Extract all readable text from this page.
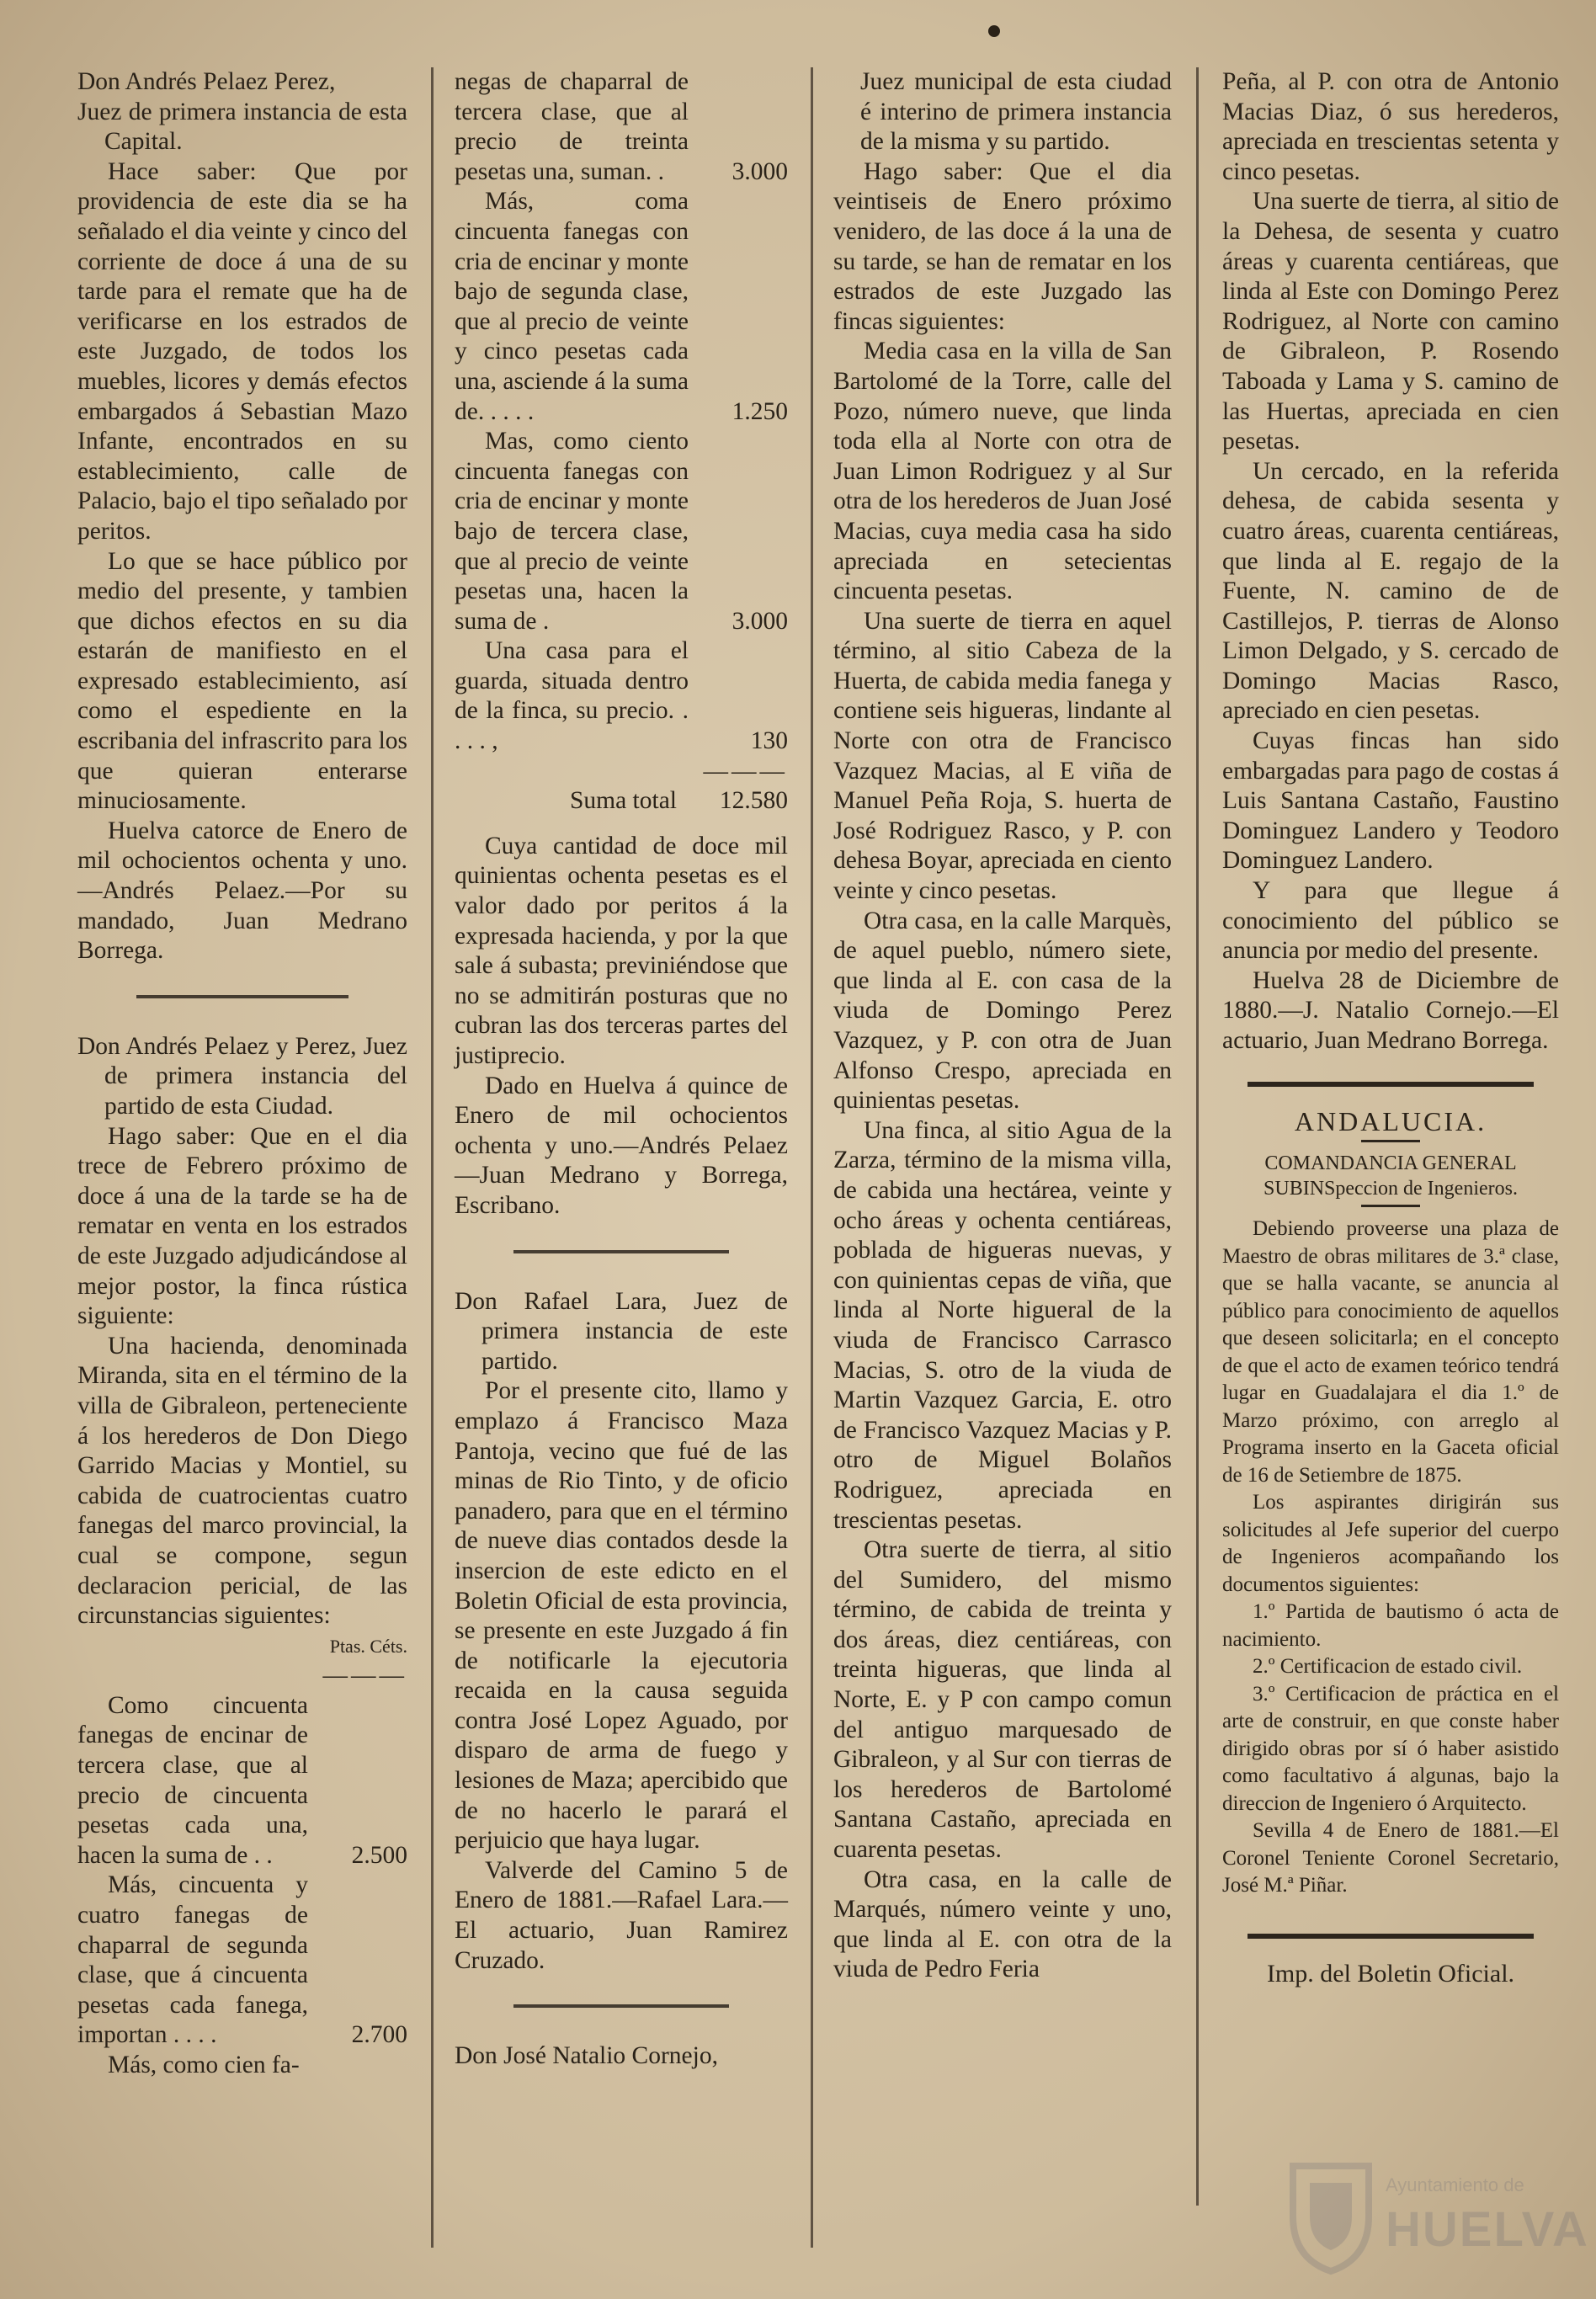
Don Andrés Pelaez Perez,

Juez de primera instancia de esta Capital.

Hace saber: Que por providencia de este dia se ha señalado el dia veinte y cinco del corriente de doce á una de su tarde para el remate que ha de verificarse en los estrados de este Juzgado, de todos los muebles, licores y demás efectos embargados á Sebastian Mazo Infante, encontrados en su establecimiento, calle de Palacio, bajo el tipo señalado por peritos.

Lo que se hace público por medio del presente, y tambien que dichos efectos en su dia estarán de manifiesto en el expresado establecimiento, así como el espediente en la escribania del infrascrito para los que quieran enterarse minuciosamente.

Huelva catorce de Enero de mil ochocientos ochenta y uno.—Andrés Pelaez.—Por su mandado, Juan Medrano Borrega.

Don Andrés Pelaez y Perez, Juez de primera instancia del partido de esta Ciudad.

Hago saber: Que en el dia trece de Febrero próximo de doce á una de la tarde se ha de rematar en venta en los estrados de este Juzgado adjudicándose al mejor postor, la finca rústica siguiente:

Una hacienda, denominada Miranda, sita en el término de la villa de Gibraleon, perteneciente á los herederos de Don Diego Garrido Macias y Montiel, su cabida de cuatrocientas cuatro fanegas del marco provincial, la cual se compone, segun declaracion pericial, de las circunstancias siguientes:

Ptas. Céts.

———

Como cincuenta fanegas de encinar de tercera clase, que al precio de cincuenta pesetas cada una, hacen la suma de . .	2.500

Más, cincuenta y cuatro fanegas de chaparral de segunda clase, que á cincuenta pesetas cada fanega, importan . . . .	2.700

Más, como cien fa-

negas de chaparral de tercera clase, que al precio de treinta pesetas una, suman. .	3.000

Más, coma cincuenta fanegas con cria de encinar y monte bajo de segunda clase, que al precio de veinte y cinco pesetas cada una, asciende á la suma de. . . . .	1.250

Mas, como ciento cincuenta fanegas con cria de encinar y monte bajo de tercera clase, que al precio de veinte pesetas una, hacen la suma de .	3.000

Una casa para el guarda, situada dentro de la finca, su precio. . . . . ,	130

———

Suma total	12.580

Cuya cantidad de doce mil quinientas ochenta pesetas es el valor dado por peritos á la expresada hacienda, y por la que sale á subasta; previniéndose que no se admitirán posturas que no cubran las dos terceras partes del justiprecio.

Dado en Huelva á quince de Enero de mil ochocientos ochenta y uno.—Andrés Pelaez —Juan Medrano y Borrega, Escribano.

Don Rafael Lara, Juez de primera instancia de este partido.

Por el presente cito, llamo y emplazo á Francisco Maza Pantoja, vecino que fué de las minas de Rio Tinto, y de oficio panadero, para que en el término de nueve dias contados desde la insercion de este edicto en el Boletin Oficial de esta provincia, se presente en este Juzgado á fin de notificarle la ejecutoria recaida en la causa seguida contra José Lopez Aguado, por disparo de arma de fuego y lesiones de Maza; apercibido que de no hacerlo le parará el perjuicio que haya lugar.

Valverde del Camino 5 de Enero de 1881.—Rafael Lara.—El actuario, Juan Ramirez Cruzado.

Don José Natalio Cornejo,

Juez municipal de esta ciudad é interino de primera instancia de la misma y su partido.

Hago saber: Que el dia veintiseis de Enero próximo venidero, de las doce á la una de su tarde, se han de rematar en los estrados de este Juzgado las fincas siguientes:

Media casa en la villa de San Bartolomé de la Torre, calle del Pozo, número nueve, que linda toda ella al Norte con otra de Juan Limon Rodriguez y al Sur otra de los herederos de Juan José Macias, cuya media casa ha sido apreciada en setecientas cincuenta pesetas.

Una suerte de tierra en aquel término, al sitio Cabeza de la Huerta, de cabida media fanega y contiene seis higueras, lindante al Norte con otra de Francisco Vazquez Macias, al E viña de Manuel Peña Roja, S. huerta de José Rodriguez Rasco, y P. con dehesa Boyar, apreciada en ciento veinte y cinco pesetas.

Otra casa, en la calle Marquès, de aquel pueblo, número siete, que linda al E. con casa de la viuda de Domingo Perez Vazquez, y P. con otra de Juan Alfonso Crespo, apreciada en quinientas pesetas.

Una finca, al sitio Agua de la Zarza, término de la misma villa, de cabida una hectárea, veinte y ocho áreas y ochenta centiáreas, poblada de higueras nuevas, y con quinientas cepas de viña, que linda al Norte higueral de la viuda de Francisco Carrasco Macias, S. otro de la viuda de Martin Vazquez Garcia, E. otro de Francisco Vazquez Macias y P. otro de Miguel Bolaños Rodriguez, apreciada en trescientas pesetas.

Otra suerte de tierra, al sitio del Sumidero, del mismo término, de cabida de treinta y dos áreas, diez centiáreas, con treinta higueras, que linda al Norte, E. y P con campo comun del antiguo marquesado de Gibraleon, y al Sur con tierras de los herederos de Bartolomé Santana Castaño, apreciada en cuarenta pesetas.

Otra casa, en la calle de Marqués, número veinte y uno, que linda al E. con otra de la viuda de Pedro Feria

Peña, al P. con otra de Antonio Macias Diaz, ó sus herederos, apreciada en trescientas setenta y cinco pesetas.

Una suerte de tierra, al sitio de la Dehesa, de sesenta y cuatro áreas y cuarenta centiáreas, que linda al Este con Domingo Perez Rodriguez, al Norte con camino de Gibraleon, P. Rosendo Taboada y Lama y S. camino de las Huertas, apreciada en cien pesetas.

Un cercado, en la referida dehesa, de cabida sesenta y cuatro áreas, cuarenta centiáreas, que linda al E. regajo de la Fuente, N. camino de de Castillejos, P. tierras de Alonso Limon Delgado, y S. cercado de Domingo Macias Rasco, apreciado en cien pesetas.

Cuyas fincas han sido embargadas para pago de costas á Luis Santana Castaño, Faustino Dominguez Landero y Teodoro Dominguez Landero.

Y para que llegue á conocimiento del público se anuncia por medio del presente.

Huelva 28 de Diciembre de 1880.—J. Natalio Cornejo.—El actuario, Juan Medrano Borrega.

ANDALUCIA.

COMANDANCIA GENERAL SUBINSpeccion de Ingenieros.

Debiendo proveerse una plaza de Maestro de obras militares de 3.ª clase, que se halla vacante, se anuncia al público para conocimiento de aquellos que deseen solicitarla; en el concepto de que el acto de examen teórico tendrá lugar en Guadalajara el dia 1.º de Marzo próximo, con arreglo al Programa inserto en la Gaceta oficial de 16 de Setiembre de 1875.

Los aspirantes dirigirán sus solicitudes al Jefe superior del cuerpo de Ingenieros acompañando los documentos siguientes:

1.º Partida de bautismo ó acta de nacimiento.

2.º Certificacion de estado civil.

3.º Certificacion de práctica en el arte de construir, en que conste haber dirigido obras por sí ó haber asistido como facultativo á algunas, bajo la direccion de Ingeniero ó Arquitecto.

Sevilla 4 de Enero de 1881.—El Coronel Teniente Coronel Secretario, José M.ª Piñar.

Imp. del Boletin Oficial.

Ayuntamiento de
HUELVA
